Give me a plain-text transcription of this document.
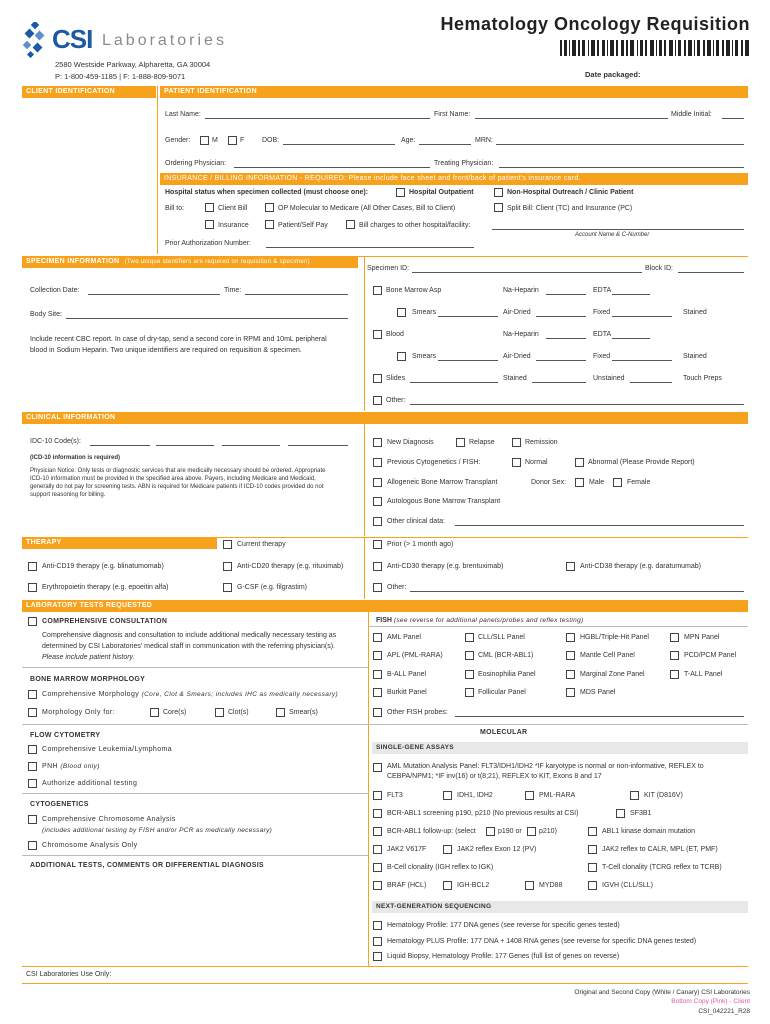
CSI Laboratories
Hematology Oncology Requisition
2580 Westside Parkway, Alpharetta, GA 30004
P: 1-800-459-1185 | F: 1-888-809-9071	Date packaged:
CLIENT IDENTIFICATION	PATIENT IDENTIFICATION
Last Name:	First Name:	Middle Initial:
Gender:	M	F	DOB:	Age:	MRN:
Ordering Physician:	Treating Physician:
INSURANCE / BILLING INFORMATION - REQUIRED: Please include face sheet and front/back of patient's insurance card.
Hospital status when specimen collected (must choose one):	Hospital Outpatient	Non-Hospital Outreach / Clinic Patient
Bill to:	Client Bill	OP Molecular to Medicare (All Other Cases, Bill to Client)	Split Bill: Client (TC) and Insurance (PC)
Insurance	Patient/Self Pay	Bill charges to other hospital/facility:
Account Name & C-Number
Prior Authorization Number:
SPECIMEN INFORMATION (Two unique identifiers are required on requisition & specimen)
Specimen ID:	Block ID:
Collection Date:	Time:
Body Site:
Include recent CBC report. In case of dry-tap, send a second core in RPMI and 10mL peripheral blood in Sodium Heparin. Two unique identifiers are required on requisition & specimen.
Bone Marrow Asp	Na-Heparin	EDTA
Smears	Air-Dried	Fixed	Stained
Blood	Na-Heparin	EDTA
Smears	Air-Dried	Fixed	Stained
Slides	Stained	Unstained	Touch Preps
Other:
CLINICAL INFORMATION
IDC-10 Code(s):
(ICD-10 information is required)
Physician Notice: Only tests or diagnostic services that are medically necessary should be ordered. Appropriate ICD-10 information must be provided in the specified area above. Payers, including Medicare and Medicaid, generally do not pay for screening tests. ABN is required for Medicare patients if ICD-10 codes provided do not support reasoning for billing.
New Diagnosis	Relapse	Remission
Previous Cytogenetics / FISH:	Normal	Abnormal (Please Provide Report)
Allogeneic Bone Marrow Transplant	Donor Sex:	Male	Female
Autologous Bone Marrow Transplant
Other clinical data:
THERAPY	Current therapy	Prior (> 1 month ago)
Anti-CD19 therapy (e.g. blinatumomab)	Anti-CD20 therapy (e.g. rituximab)	Anti-CD30 therapy (e.g. brentuximab)	Anti-CD38 therapy (e.g. daratumumab)
Erythropoietin therapy (e.g. epoeitin alfa)	G-CSF (e.g. filgrastim)	Other:
LABORATORY TESTS REQUESTED
COMPREHENSIVE CONSULTATION
Comprehensive diagnosis and consultation to include additional medically necessary testing as determined by CSI Laboratories' medical staff in communication with the referring physician(s). Please include patient history.
BONE MARROW MORPHOLOGY
Comprehensive Morphology (Core, Clot & Smears; includes IHC as medically necessary)
Morphology Only for:	Core(s)	Clot(s)	Smear(s)
FLOW CYTOMETRY
Comprehensive Leukemia/Lymphoma
PNH (Blood only)
Authorize additional testing
CYTOGENETICS
Comprehensive Chromosome Analysis
(includes additional testing by FISH and/or PCR as medically necessary)
Chromosome Analysis Only
ADDITIONAL TESTS, COMMENTS OR DIFFERENTIAL DIAGNOSIS
FISH (see reverse for additional panels/probes and reflex testing)
AML Panel	CLL/SLL Panel	HGBL/Triple-Hit Panel	MPN Panel
APL (PML-RARA)	CML (BCR-ABL1)	Mantle Cell Panel	PCD/PCM Panel
B-ALL Panel	Eosinophilia Panel	Marginal Zone Panel	T-ALL Panel
Burkitt Panel	Follicular Panel	MDS Panel
Other FISH probes:
MOLECULAR
SINGLE-GENE ASSAYS
AML Mutation Analysis Panel: FLT3/IDH1/IDH2 *IF karyotype is normal or non-informative, REFLEX to CEBPA/NPM1; *IF inv(16) or t(8;21), REFLEX to KIT, Exons 8 and 17
FLT3	IDH1, IDH2	PML-RARA	KIT (D816V)
BCR-ABL1 screening p190, p210 (No previous results at CSI)	SF3B1
BCR-ABL1 follow-up: (select	p190 or p210)	ABL1 kinase domain mutation
JAK2 V617F	JAK2 reflex Exon 12 (PV)	JAK2 reflex to CALR, MPL (ET, PMF)
B-Cell clonality (IGH reflex to IGK)	T-Cell clonality (TCRG reflex to TCRB)
BRAF (HCL)	IGH-BCL2	MYD88	IGVH (CLL/SLL)
NEXT-GENERATION SEQUENCING
Hematology Profile: 177 DNA genes (see reverse for specific genes tested)
Hematology PLUS Profile: 177 DNA + 1408 RNA genes (see reverse for specific DNA genes tested)
Liquid Biopsy, Hematology Profile: 177 Genes (full list of genes on reverse)
CSI Laboratories Use Only:
Original and Second Copy (White / Canary) CSI Laboratories
Bottom Copy (Pink) - Client
CSI_042221_R28
